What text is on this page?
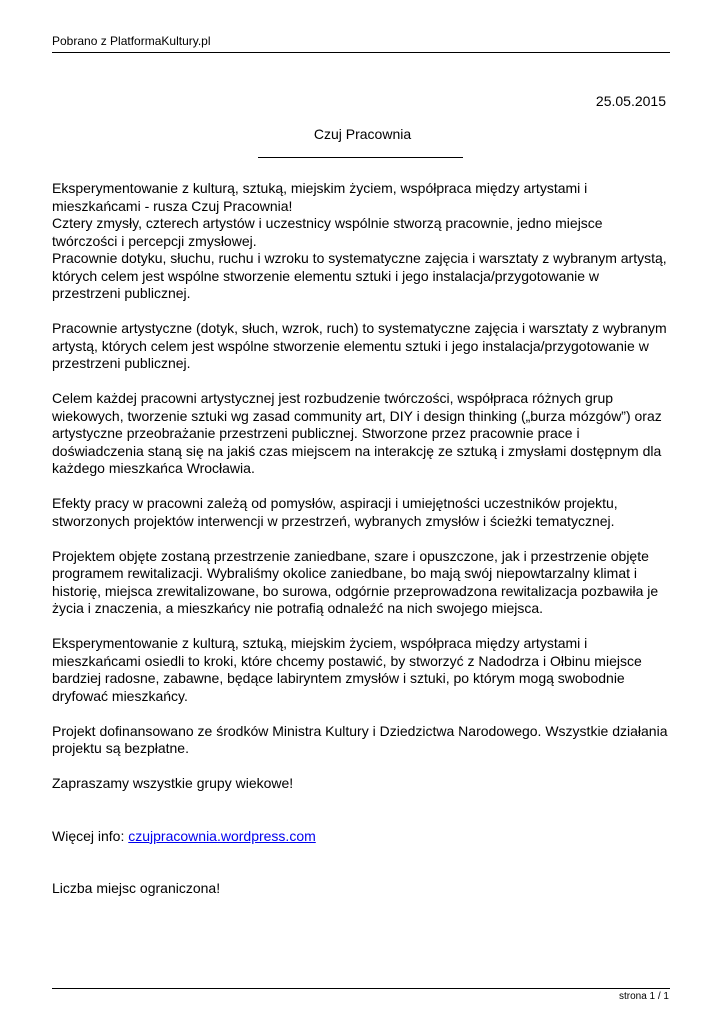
Pobrano z PlatformaKultury.pl
25.05.2015
Czuj Pracownia

Eksperymentowanie z kulturą, sztuką, miejskim życiem, współpraca między artystami i mieszkańcami - rusza Czuj Pracownia!

Cztery zmysły, czterech artystów i uczestnicy wspólnie stworzą pracownie, jedno miejsce twórczości i percepcji zmysłowej.

Pracownie dotyku, słuchu, ruchu i wzroku to systematyczne zajęcia i warsztaty z wybranym artystą, których celem jest wspólne stworzenie elementu sztuki i jego instalacja/przygotowanie w przestrzeni publicznej.

Pracownie artystyczne (dotyk, słuch, wzrok, ruch) to systematyczne zajęcia i warsztaty z wybranym artystą, których celem jest wspólne stworzenie elementu sztuki i jego instalacja/przygotowanie w przestrzeni publicznej.

Celem każdej pracowni artystycznej jest rozbudzenie twórczości, współpraca różnych grup wiekowych, tworzenie sztuki wg zasad community art, DIY i design thinking („burza mózgów”) oraz artystyczne przeobrażanie przestrzeni publicznej. Stworzone przez pracownie prace i doświadczenia staną się na jakiś czas miejscem na interakcję ze sztuką i zmysłami dostępnym dla każdego mieszkańca Wrocławia.

Efekty pracy w pracowni zależą od pomysłów, aspiracji i umiejętności uczestników projektu, stworzonych projektów interwencji w przestrzeń, wybranych zmysłów i ścieżki tematycznej.

Projektem objęte zostaną przestrzenie zaniedbane, szare i opuszczone, jak i przestrzenie objęte programem rewitalizacji. Wybraliśmy okolice zaniedbane, bo mają swój niepowtarzalny klimat i historię, miejsca zrewitalizowane, bo surowa, odgórnie przeprowadzona rewitalizacja pozbawiła je życia i znaczenia, a mieszkańcy nie potrafią odnaleźć na nich swojego miejsca.

Eksperymentowanie z kulturą, sztuką, miejskim życiem, współpraca między artystami i mieszkańcami osiedli to kroki, które chcemy postawić, by stworzyć z Nadodrza i Ołbinu miejsce bardziej radosne, zabawne, będące labiryntem zmysłów i sztuki, po którym mogą swobodnie dryfować mieszkańcy.

Projekt dofinansowano ze środków Ministra Kultury i Dziedzictwa Narodowego. Wszystkie działania projektu są bezpłatne.

Zapraszamy wszystkie grupy wiekowe!

Więcej info: czujpracownia.wordpress.com

Liczba miejsc ograniczona!

strona 1 / 1
